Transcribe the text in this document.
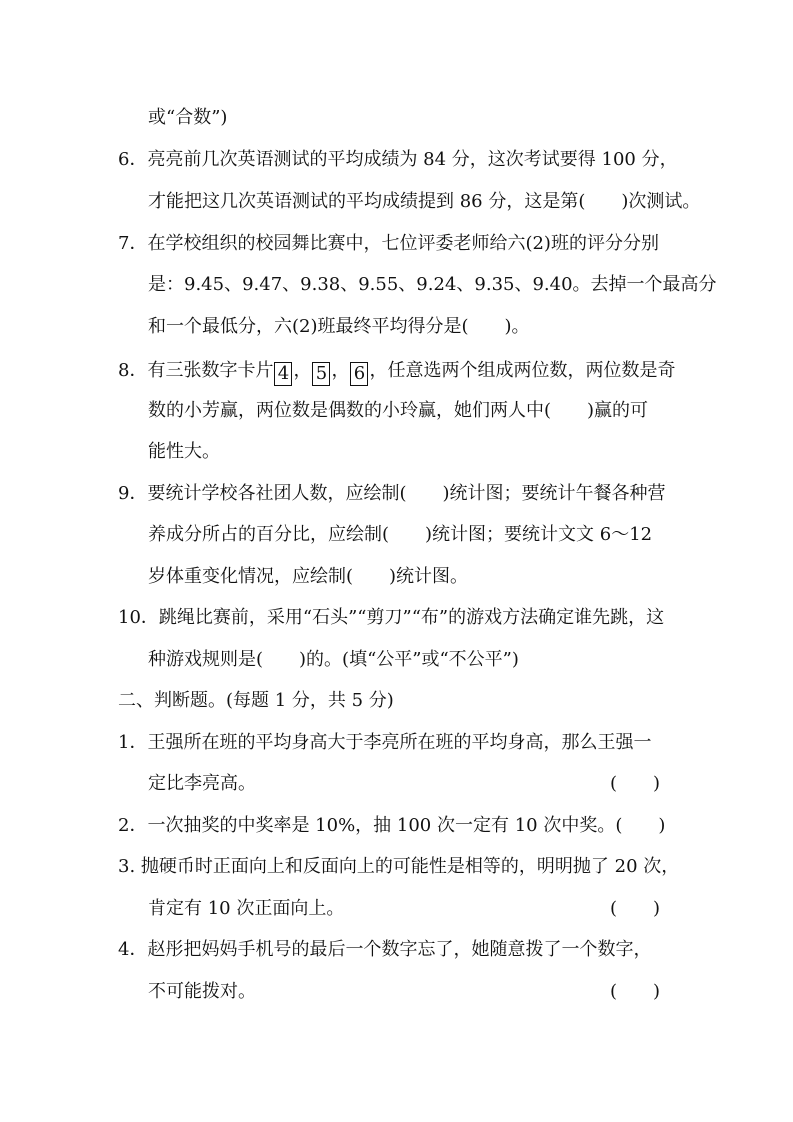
或“合数”)
6．亮亮前几次英语测试的平均成绩为 84 分，这次考试要得 100 分，
才能把这几次英语测试的平均成绩提到 86 分，这是第(　　)次测试。
7．在学校组织的校园舞比赛中，七位评委老师给六(2)班的评分分别
是：9.45、9.47、9.38、9.55、9.24、9.35、9.40。去掉一个最高分
和一个最低分，六(2)班最终平均得分是(　　)。
8．有三张数字卡片 4 ， 5 ， 6 ，任意选两个组成两位数，两位数是奇
数的小芳赢，两位数是偶数的小玲赢，她们两人中(　　)赢的可
能性大。
9．要统计学校各社团人数，应绘制(　　)统计图；要统计午餐各种营
养成分所占的百分比，应绘制(　　)统计图；要统计文文 6～12
岁体重变化情况，应绘制(　　)统计图。
10．跳绳比赛前，采用“石头”“剪刀”“布”的游戏方法确定谁先跳，这
种游戏规则是(　　)的。(填“公平”或“不公平”)
二、判断题。(每题 1 分，共 5 分)
1．王强所在班的平均身高大于李亮所在班的平均身高，那么王强一
定比李亮高。	(　　)
2．一次抽奖的中奖率是 10%，抽 100 次一定有 10 次中奖。(　　)
3. 抛硬币时正面向上和反面向上的可能性是相等的，明明抛了 20 次，
肯定有 10 次正面向上。	(　　)
4．赵彤把妈妈手机号的最后一个数字忘了，她随意拨了一个数字，
不可能拨对。	(　　)
